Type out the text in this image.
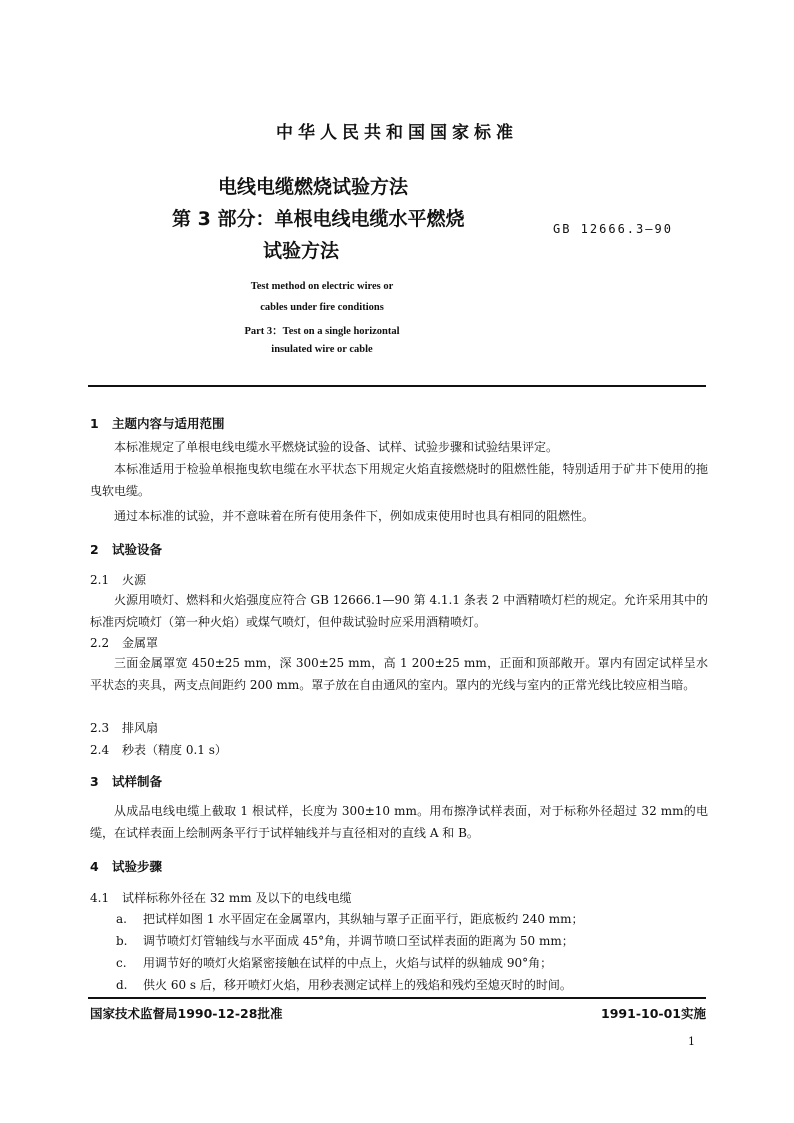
中华人民共和国国家标准
电线电缆燃烧试验方法
第 3 部分：单根电线电缆水平燃烧
试验方法
GB 12666.3—90
Test method on electric wires or
cables under fire conditions
Part 3：Test on a single horizontal
insulated wire or cable
1 主题内容与适用范围

本标准规定了单根电线电缆水平燃烧试验的设备、试样、试验步骤和试验结果评定。

本标准适用于检验单根拖曳软电缆在水平状态下用规定火焰直接燃烧时的阻燃性能，特别适用于矿井下使用的拖曳软电缆。

通过本标准的试验，并不意味着在所有使用条件下，例如成束使用时也具有相同的阻燃性。

2 试验设备
2.1 火源

火源用喷灯、燃料和火焰强度应符合 GB 12666.1—90 第 4.1.1 条表 2 中酒精喷灯栏的规定。允许采用其中的标准丙烷喷灯（第一种火焰）或煤气喷灯，但仲裁试验时应采用酒精喷灯。

2.2 金属罩

三面金属罩宽 450±25 mm，深 300±25 mm，高 1 200±25 mm，正面和顶部敞开。罩内有固定试样呈水平状态的夹具，两支点间距约 200 mm。罩子放在自由通风的室内。罩内的光线与室内的正常光线比较应相当暗。

2.3 排风扇
2.4 秒表（精度 0.1 s）
3 试样制备

从成品电线电缆上截取 1 根试样，长度为 300±10 mm。用布擦净试样表面，对于标称外径超过 32 mm的电缆，在试样表面上绘制两条平行于试样轴线并与直径相对的直线 A 和 B。

4 试验步骤
4.1 试样标称外径在 32 mm 及以下的电线电缆
a. 把试样如图 1 水平固定在金属罩内，其纵轴与罩子正面平行，距底板约 240 mm；
b. 调节喷灯灯管轴线与水平面成 45°角，并调节喷口至试样表面的距离为 50 mm；
c. 用调节好的喷灯火焰紧密接触在试样的中点上，火焰与试样的纵轴成 90°角；
d. 供火 60 s 后，移开喷灯火焰，用秒表测定试样上的残焰和残灼至熄灭时的时间。
国家技术监督局1990-12-28批准	1991-10-01实施
1
